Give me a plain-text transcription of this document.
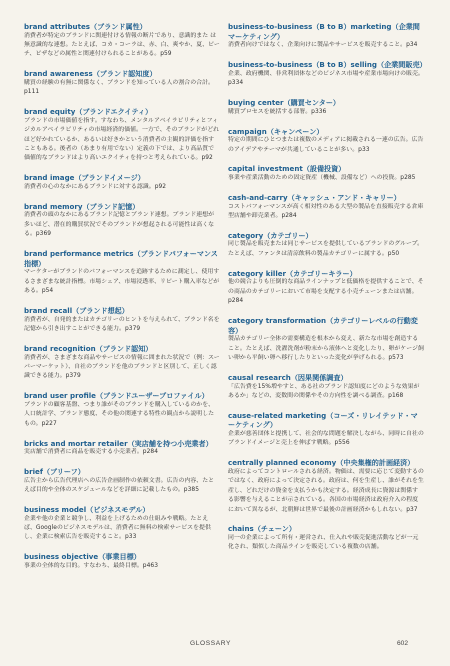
brand attributes（ブランド属性）
消費者が特定のブランドに関連付ける情報の断片であり、意識的また は無意識的な連想。たとえば、コカ・コーラは、赤、白、爽やか、夏、ピーチ、ピザなどの属性と関連付けられることがある。p59
brand awareness（ブランド認知度）
購買の経験の有無に関係なく、ブランドを知っている人の割合の合計。p111
brand equity（ブランドエクイティ）
ブランドの市場価値を指す。すなわち、メンタルアベイラビリティとフィジカルアベイラビリティの市場経済的価値。一方で、そのブランドがどれほど好かれているか、あるいは好きかという消費者の主観的評価を指すこともある。後者の（あまり有用でない）定義の下では、より高品質で価値的なブランドはより高いエクイティを持つと考えられている。p92
brand image（ブランドイメージ）
消費者の心のなかにあるブランドに対する認識。p92
brand memory（ブランド記憶）
消費者の頭のなかにあるブランド記憶とブランド連想。ブランド連想が多いほど、潜在的購買状況でそのブランドが想起される可能性は高くなる。p369
brand performance metrics（ブランドパフォーマンス指標）
マーケターがブランドのパフォーマンスを追跡するために測定し、使用するさまざまな統計指標。市場シェア、市場浸透率、リピート購入率などがある。p54
brand recall（ブランド想起）
消費者が、自発的またはカテゴリーのヒントを与えられて、ブランド名を記憶から引き出すことができる能力。p379
brand recognition（ブランド認知）
消費者が、さまざまな商品やサービスの情報に囲まれた状況で（例：スーパーマーケット）、自社のブランドを他のブランドと区別して、正しく認識できる能力。p379
brand user profile（ブランドユーザープロファイル）
ブランドの顧客基盤、つまり誰がそのブランドを購入しているのかを、人口統計学、ブランド態度、その他の関連する特性の観点から説明したもの。p227
bricks and mortar retailer（実店舗を持つ小売業者）
実店舗で消費者に商品を販売する小売業者。p284
brief（ブリーフ）
広告主から広告代理店への広告企画制作の依頼文書。広告の内容、たとえば目的や全体のスケジュールなどを詳細に記載したもの。p385
business model（ビジネスモデル）
企業や他の企業と競争し、利益を上げるための仕組みや戦略。たとえば、Googleのビジネスモデルは、消費者に無料の検索サービスを提供し、企業に検索広告を販売すること。p33
business objective（事業目標）
事業の全体的な目的。すなわち、最終目標。p463
business-to-business（B to B）marketing（企業間マーケティング）
消費者向けではなく、企業向けに製品やサービスを販売すること。p34
business-to-business（B to B）selling（企業間販売）
企業、政府機関、非営利団体などのビジネス市場や産業市場向けの販売。p334
buying center（購買センター）
購買プロセスを統括する部署。p336
campaign（キャンペーン）
特定の期間にひとつまたは複数のメディアに掲載される一連の広告。広告のアイデアやテーマが共通していることが多い。p33
capital investment（設備投資）
事業や産業活動のための固定資産（機械、設備など）への投資。p285
cash-and-carry（キャッシュ・アンド・キャリー）
コストパフォーマンスが高く相対性のある大型の製品を直接販売する倉庫型店舗や卸売業者。p284
category（カテゴリー）
同じ製品を販売または同じサービスを提供しているブランドのグループ。たとえば、ファンタは清涼飲料の製品カテゴリーに属する。p50
category killer（カテゴリーキラー）
他の競合よりも圧倒的な商品ラインナップと低価格を提供することで、その商品のカテゴリーにおいて市場を支配する小売チェーンまたは店舗。p284
category transformation（カテゴリーレベルの行動変容）
製品カテゴリー全体の需要構造を根本から変え、新たな市場を創造すること。たとえば、洗濯洗剤が粉末から液体へと変化したり、卵がケージ飼い卵から平飼い卵へ移行したりといった変化が挙げられる。p573
causal research（因果関係調査）
「広告費を15%増やすと、ある社のブランド認知度にどのような効果があるか」などの、変数間の関係やその方向性を調べる調査。p168
cause-related marketing（コーズ・リレイテッド・マーケティング）
企業が慈善団体と提携して、社会的な問題を解決しながら、同時に自社のブランドイメージと売上を伸ばす戦略。p556
centrally planned economy（中央集権的計画経済）
政府によってコントロールされる経済。物価は、需要に応じて変動するのではなく、政府によって決定される。政府は、何を生産し、誰がそれを生産し、どれだけの資金を支払うかも決定する。経済成長に資源は関係する影響を与えることが示されている。各国の市場経済は政府介入の程度において異なるが、北朝鮮は世界で最後の計画経済かもしれない。p37
chains（チェーン）
同一の企業によって所有・運営され、仕入れや販売促進活動などが一元化され、類似した商品ラインを販売している複数の店舗。
GLOSSARY	602
